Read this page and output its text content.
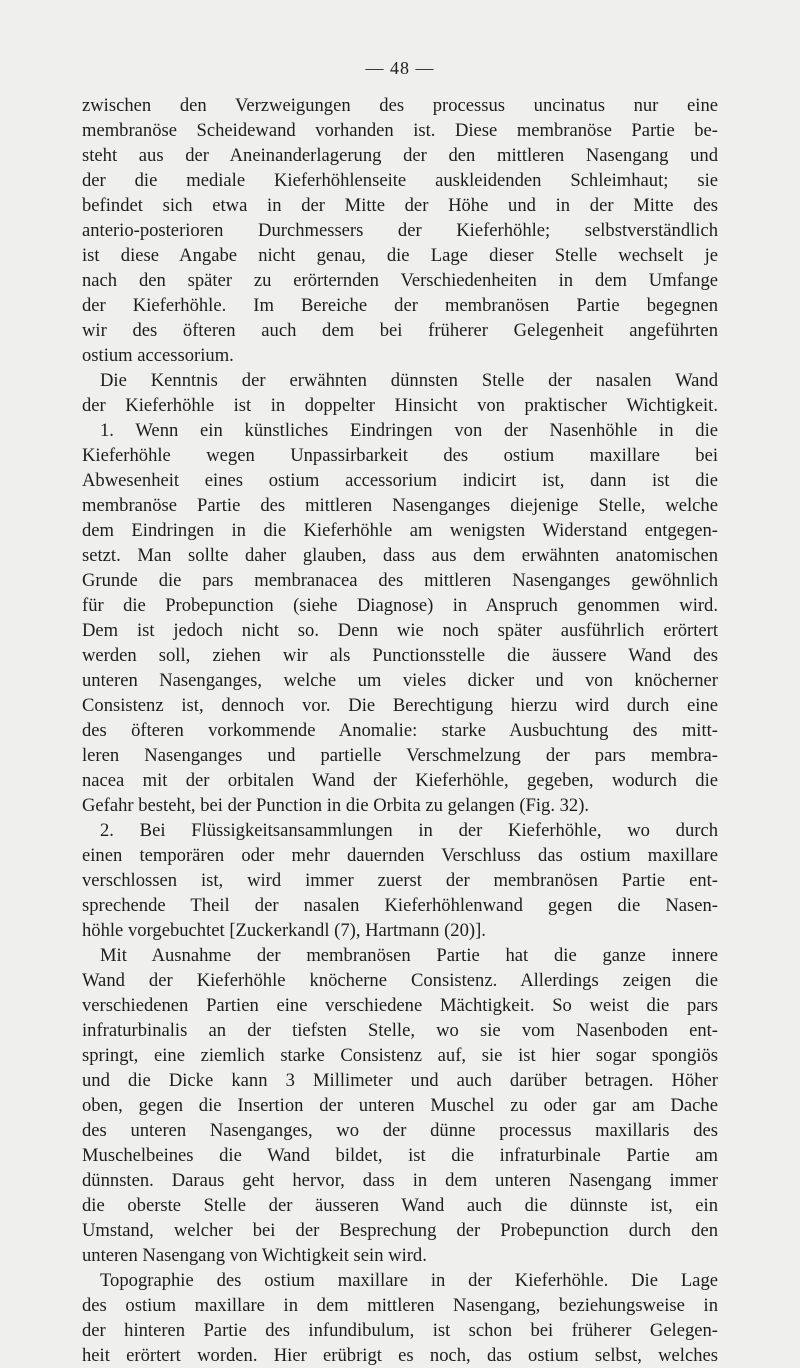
— 48 —
zwischen den Verzweigungen des processus uncinatus nur eine
membranöse Scheidewand vorhanden ist. Diese membranöse Partie be-
steht aus der Aneinanderlagerung der den mittleren Nasengang und
der die mediale Kieferhöhlenseite auskleidenden Schleimhaut; sie
befindet sich etwa in der Mitte der Höhe und in der Mitte des
anterio-posterioren Durchmessers der Kieferhöhle; selbstverständlich
ist diese Angabe nicht genau, die Lage dieser Stelle wechselt je
nach den später zu erörternden Verschiedenheiten in dem Umfange
der Kieferhöhle. Im Bereiche der membranösen Partie begegnen
wir des öfteren auch dem bei früherer Gelegenheit angeführten
ostium accessorium.
Die Kenntnis der erwähnten dünnsten Stelle der nasalen Wand
der Kieferhöhle ist in doppelter Hinsicht von praktischer Wichtigkeit.
1. Wenn ein künstliches Eindringen von der Nasenhöhle in die
Kieferhöhle wegen Unpassirbarkeit des ostium maxillare bei
Abwesenheit eines ostium accessorium indicirt ist, dann ist die
membranöse Partie des mittleren Nasenganges diejenige Stelle, welche
dem Eindringen in die Kieferhöhle am wenigsten Widerstand entgegen-
setzt. Man sollte daher glauben, dass aus dem erwähnten anatomischen
Grunde die pars membranacea des mittleren Nasenganges gewöhnlich
für die Probepunction (siehe Diagnose) in Anspruch genommen wird.
Dem ist jedoch nicht so. Denn wie noch später ausführlich erörtert
werden soll, ziehen wir als Punctionsstelle die äussere Wand des
unteren Nasenganges, welche um vieles dicker und von knöcherner
Consistenz ist, dennoch vor. Die Berechtigung hierzu wird durch eine
des öfteren vorkommende Anomalie: starke Ausbuchtung des mitt-
leren Nasenganges und partielle Verschmelzung der pars membra-
nacea mit der orbitalen Wand der Kieferhöhle, gegeben, wodurch die
Gefahr besteht, bei der Punction in die Orbita zu gelangen (Fig. 32).
2. Bei Flüssigkeitsansammlungen in der Kieferhöhle, wo durch
einen temporären oder mehr dauernden Verschluss das ostium maxillare
verschlossen ist, wird immer zuerst der membranösen Partie ent-
sprechende Theil der nasalen Kieferhöhlenwand gegen die Nasen-
höhle vorgebuchtet [Zuckerkandl (7), Hartmann (20)].
Mit Ausnahme der membranösen Partie hat die ganze innere
Wand der Kieferhöhle knöcherne Consistenz. Allerdings zeigen die
verschiedenen Partien eine verschiedene Mächtigkeit. So weist die pars
infraturbinalis an der tiefsten Stelle, wo sie vom Nasenboden ent-
springt, eine ziemlich starke Consistenz auf, sie ist hier sogar spongiös
und die Dicke kann 3 Millimeter und auch darüber betragen. Höher
oben, gegen die Insertion der unteren Muschel zu oder gar am Dache
des unteren Nasenganges, wo der dünne processus maxillaris des
Muschelbeines die Wand bildet, ist die infraturbinale Partie am
dünnsten. Daraus geht hervor, dass in dem unteren Nasengang immer
die oberste Stelle der äusseren Wand auch die dünnste ist, ein
Umstand, welcher bei der Besprechung der Probepunction durch den
unteren Nasengang von Wichtigkeit sein wird.
Topographie des ostium maxillare in der Kieferhöhle. Die Lage
des ostium maxillare in dem mittleren Nasengang, beziehungsweise in
der hinteren Partie des infundibulum, ist schon bei früherer Gelegen-
heit erörtert worden. Hier erübrigt es noch, das ostium selbst, welches
